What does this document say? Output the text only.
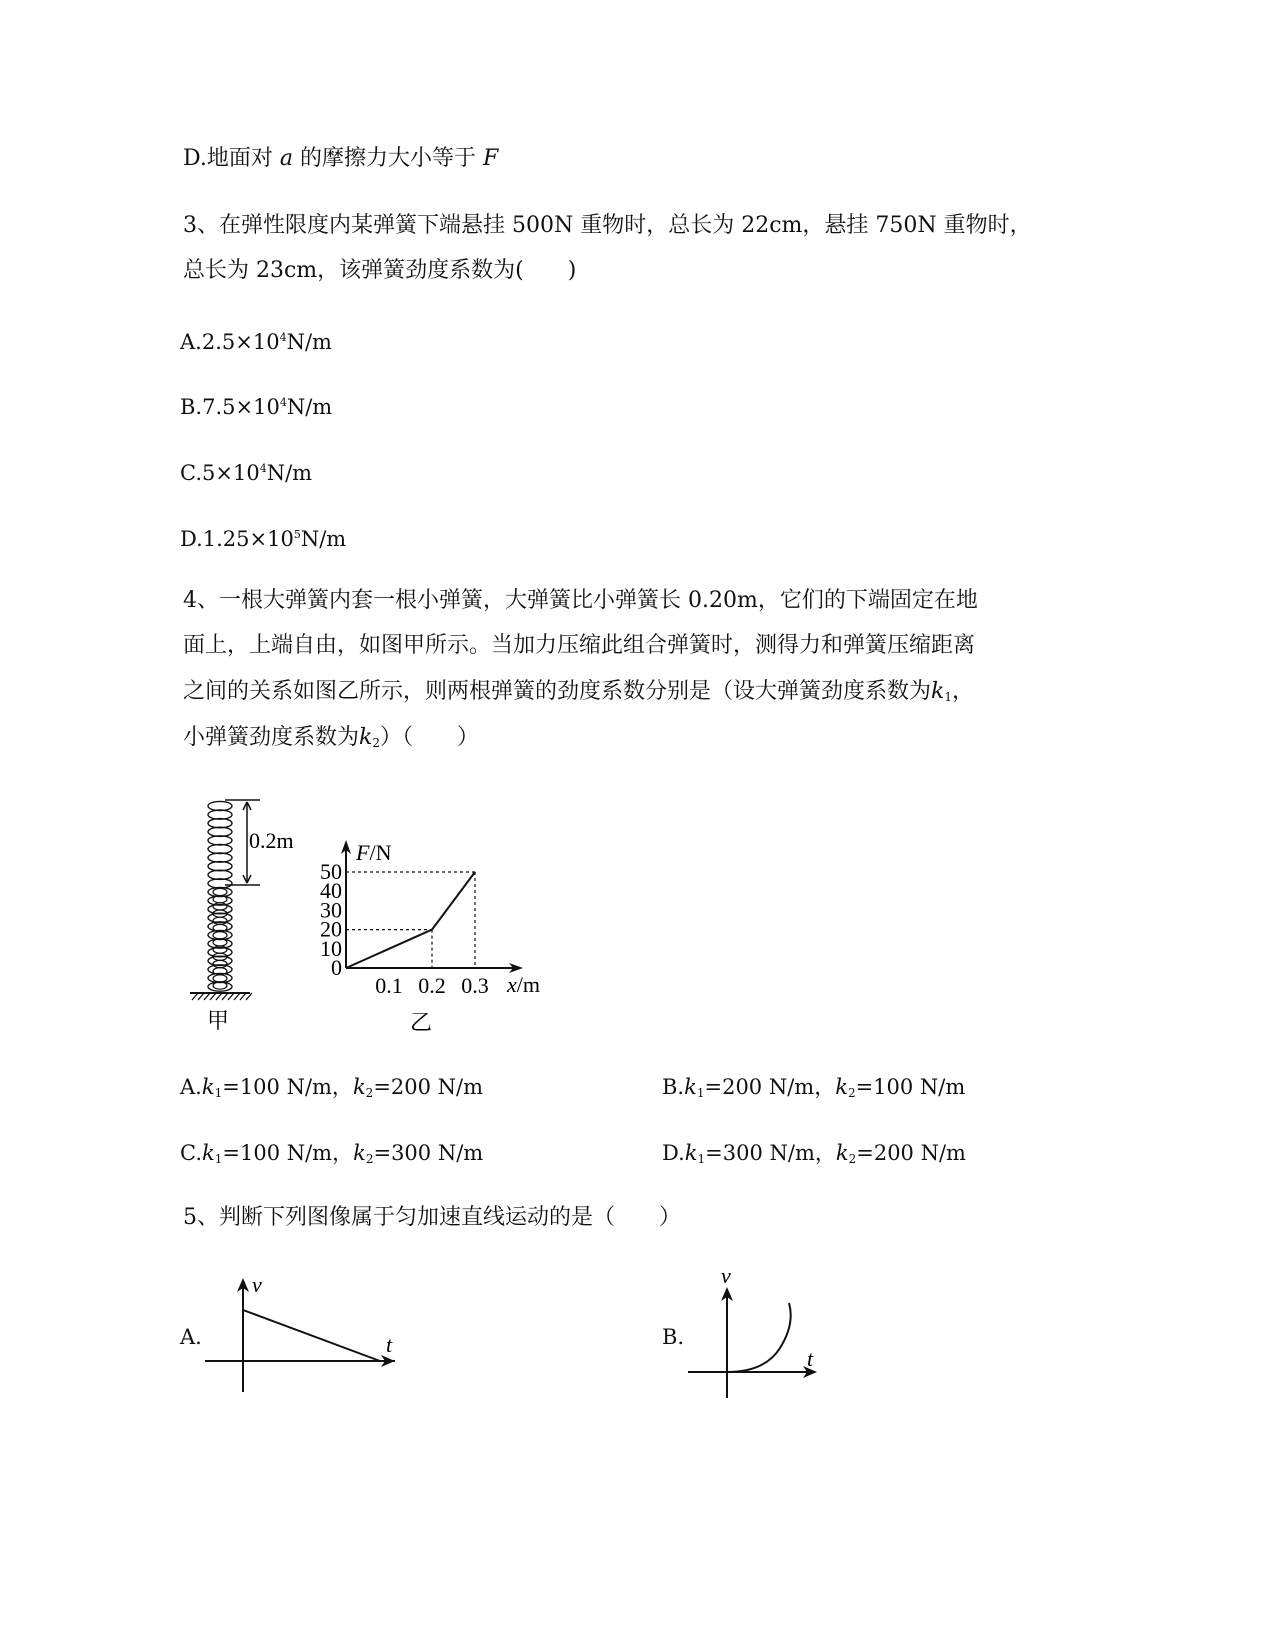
D.地面对 a 的摩擦力大小等于 F
3、在弹性限度内某弹簧下端悬挂 500N 重物时，总长为 22cm，悬挂 750N 重物时，
总长为 23cm，该弹簧劲度系数为(　　)
$A.2.5\times 10^4N/m$
$B.7.5\times 10^4N/m$
$C.5\times 10^4N/m$
$D.1.25\times 10^5N/m$
4、一根大弹簧内套一根小弹簧，大弹簧比小弹簧长 0.20m，它们的下端固定在地
面上，上端自由，如图甲所示。当加力压缩此组合弹簧时，测得力和弹簧压缩距离
之间的关系如图乙所示，则两根弹簧的劲度系数分别是（设大弹簧劲度系数为$k_1$，
小弹簧劲度系数为$k_2$）（　　）
0.2m
甲
0
10
20
30
40
50
0.1 0.2 0.3
F/N
x/m
乙
$A.k_1=100$ N/m，$k_2=200$ N/m	$B.k_1=200$ N/m，$k_2=100$ N/m
$C.k_1=100$ N/m，$k_2=300$ N/m	$D.k_1=300$ N/m，$k_2=200$ N/m
5、判断下列图像属于匀加速直线运动的是（　　）
A.
v
t	B.
v
t
